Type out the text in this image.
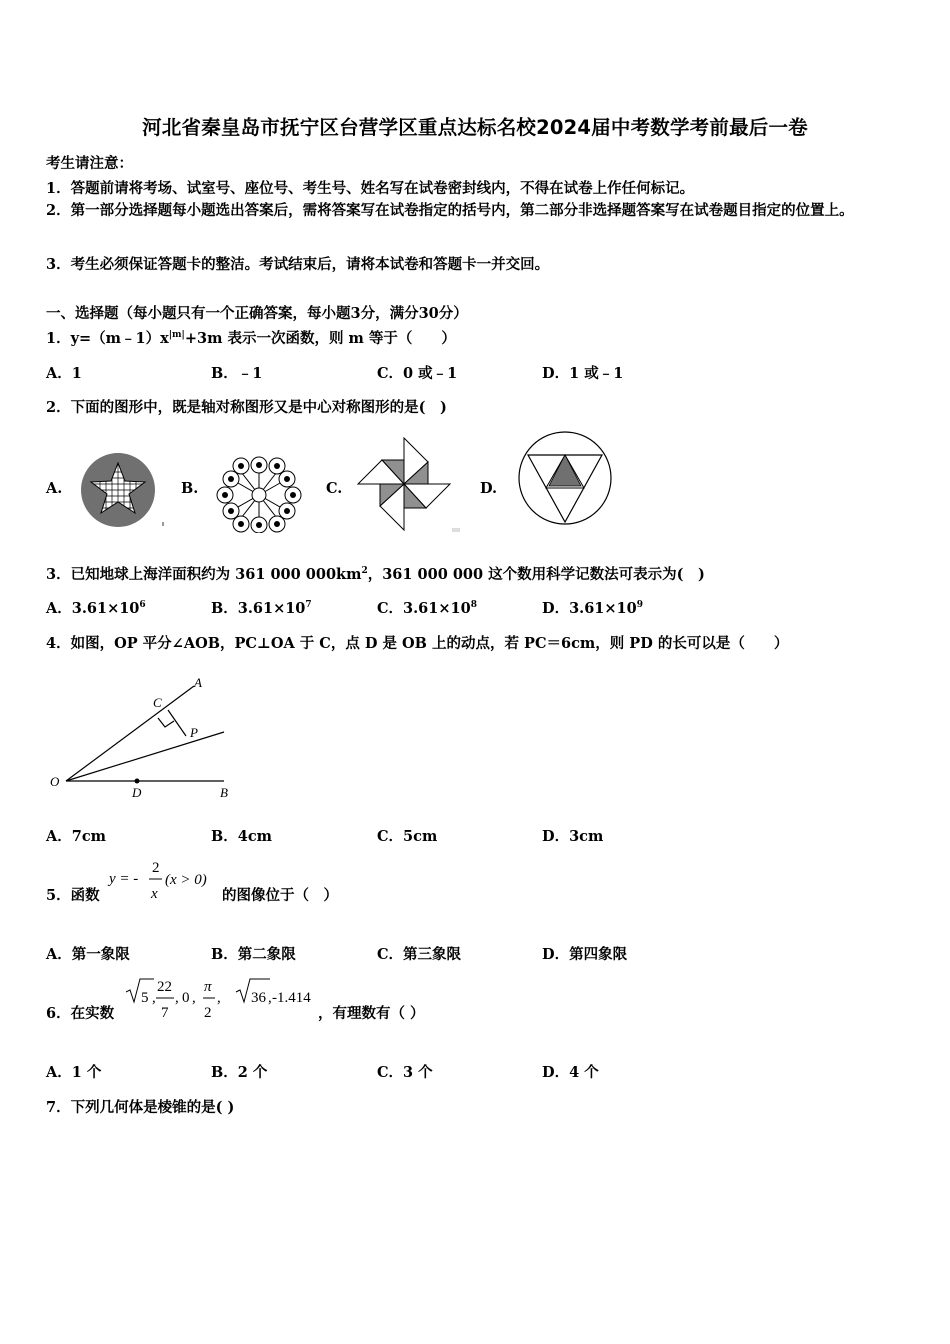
河北省秦皇岛市抚宁区台营学区重点达标名校2024届中考数学考前最后一卷
考生请注意：
1．答题前请将考场、试室号、座位号、考生号、姓名写在试卷密封线内，不得在试卷上作任何标记。
2．第一部分选择题每小题选出答案后，需将答案写在试卷指定的括号内，第二部分非选择题答案写在试卷题目指定的位置上。
3．考生必须保证答题卡的整洁。考试结束后，请将本试卷和答题卡一并交回。
一、选择题（每小题只有一个正确答案，每小题3分，满分30分）
1．$y=(m﹣1)x^{|m|}+3m$ 表示一次函数，则 m 等于（　　）
A．1	B．﹣1	C．0 或﹣1	D．1 或﹣1
2．下面的图形中，既是轴对称图形又是中心对称图形的是(　)
A.	B.	C.	D.
3．已知地球上海洋面积约为 361 000 $000km^2$，361 000 000 这个数用科学记数法可表示为(　)
A．$3.61\times 10^6$	B．$3.61\times 10^7$	C．$3.61\times 10^8$	D．$3.61\times 10^9$
4．如图，OP 平分∠AOB，PC⊥OA 于 C，点 D 是 OB 上的动点，若 PC＝6cm，则 PD 的长可以是（　　）
A
C
P
O
D	B
A．7cm	B．4cm	C．5cm	D．3cm
5．函数
y = -
2
x
(x > 0)
的图像位于（　）
A．第一象限	B．第二象限	C．第三象限	D．第四象限
6．在实数
5 ,
22
7
, 0 ,
π
2
, 36 , -1.414
，有理数有（ ）
A．1 个	B．2 个	C．3 个	D．4 个
7．下列几何体是棱锥的是( )
